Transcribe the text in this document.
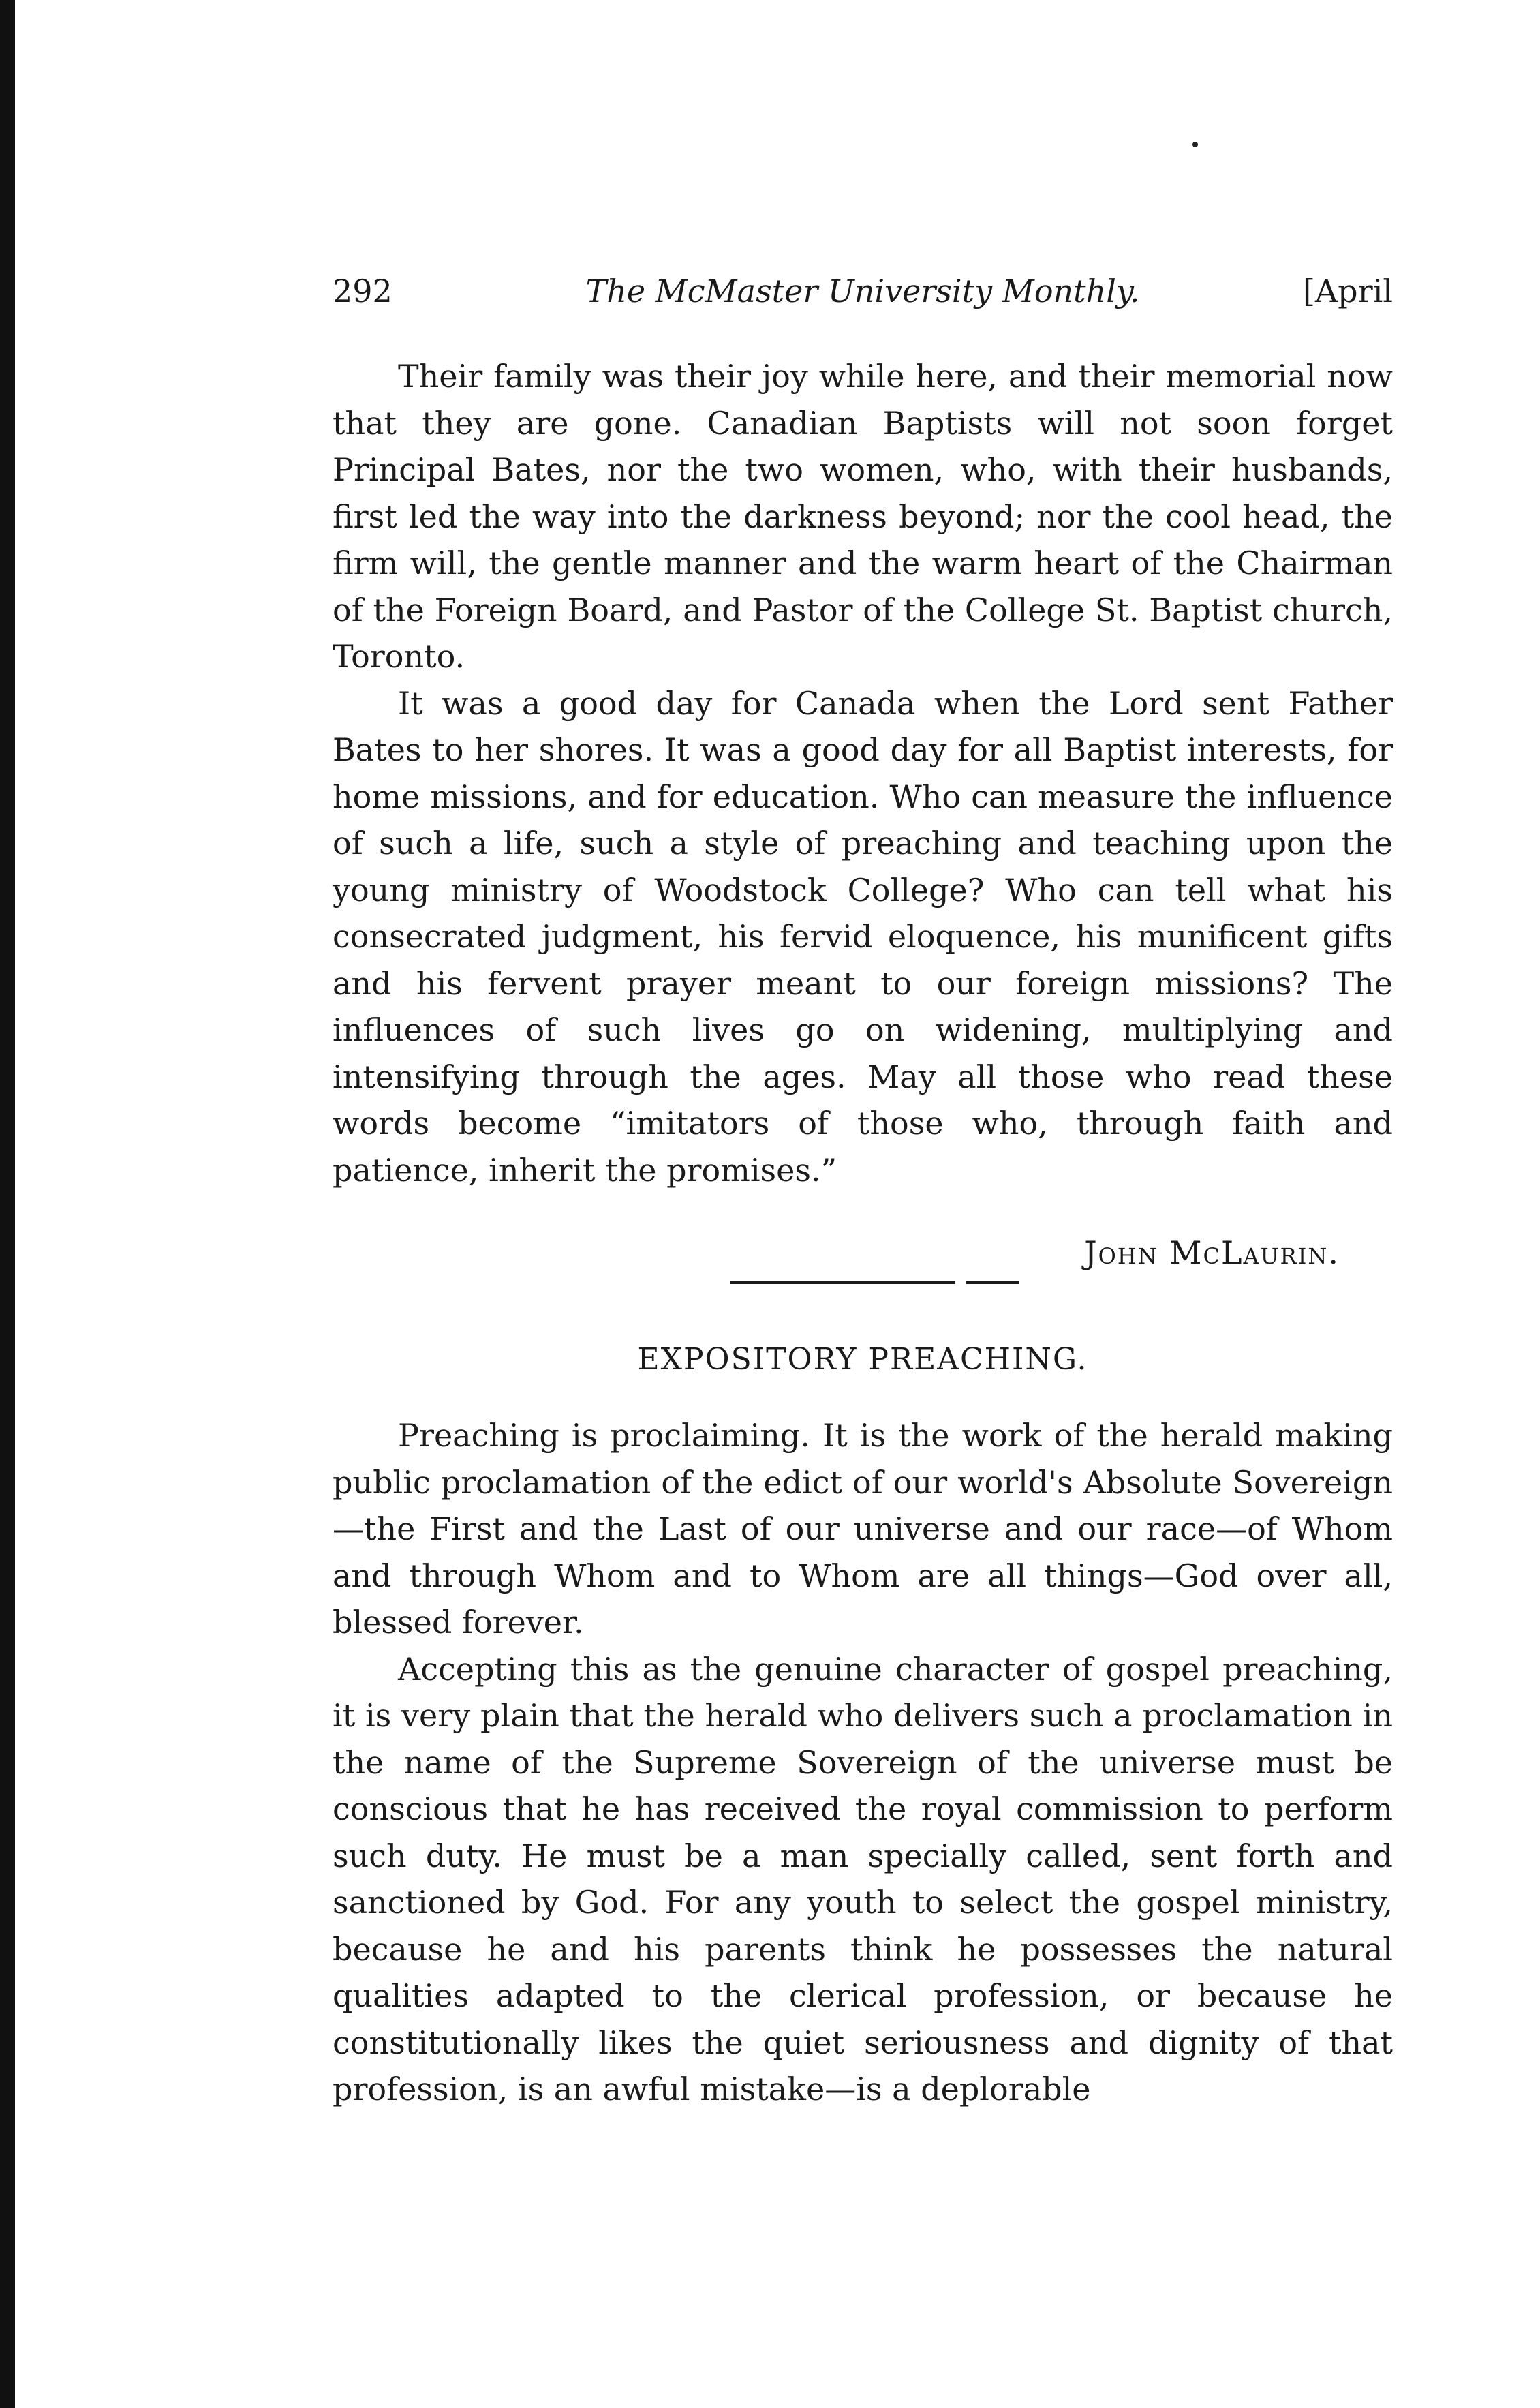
292	The McMaster University Monthly.	[April

Their family was their joy while here, and their memorial now that they are gone. Canadian Baptists will not soon forget Principal Bates, nor the two women, who, with their husbands, first led the way into the darkness beyond; nor the cool head, the firm will, the gentle manner and the warm heart of the Chairman of the Foreign Board, and Pastor of the College St. Baptist church, Toronto.

It was a good day for Canada when the Lord sent Father Bates to her shores. It was a good day for all Baptist interests, for home missions, and for education. Who can measure the influence of such a life, such a style of preaching and teaching upon the young ministry of Woodstock College? Who can tell what his consecrated judgment, his fervid eloquence, his munificent gifts and his fervent prayer meant to our foreign missions? The influences of such lives go on widening, multiplying and intensifying through the ages. May all those who read these words become “imitators of those who, through faith and patience, inherit the promises.”

John McLaurin.
EXPOSITORY PREACHING.

Preaching is proclaiming. It is the work of the herald making public proclamation of the edict of our world's Absolute Sovereign—the First and the Last of our universe and our race—of Whom and through Whom and to Whom are all things—God over all, blessed forever.

Accepting this as the genuine character of gospel preaching, it is very plain that the herald who delivers such a proclamation in the name of the Supreme Sovereign of the universe must be conscious that he has received the royal commission to perform such duty. He must be a man specially called, sent forth and sanctioned by God. For any youth to select the gospel ministry, because he and his parents think he possesses the natural qualities adapted to the clerical profession, or because he constitutionally likes the quiet seriousness and dignity of that profession, is an awful mistake—is a deplorable
